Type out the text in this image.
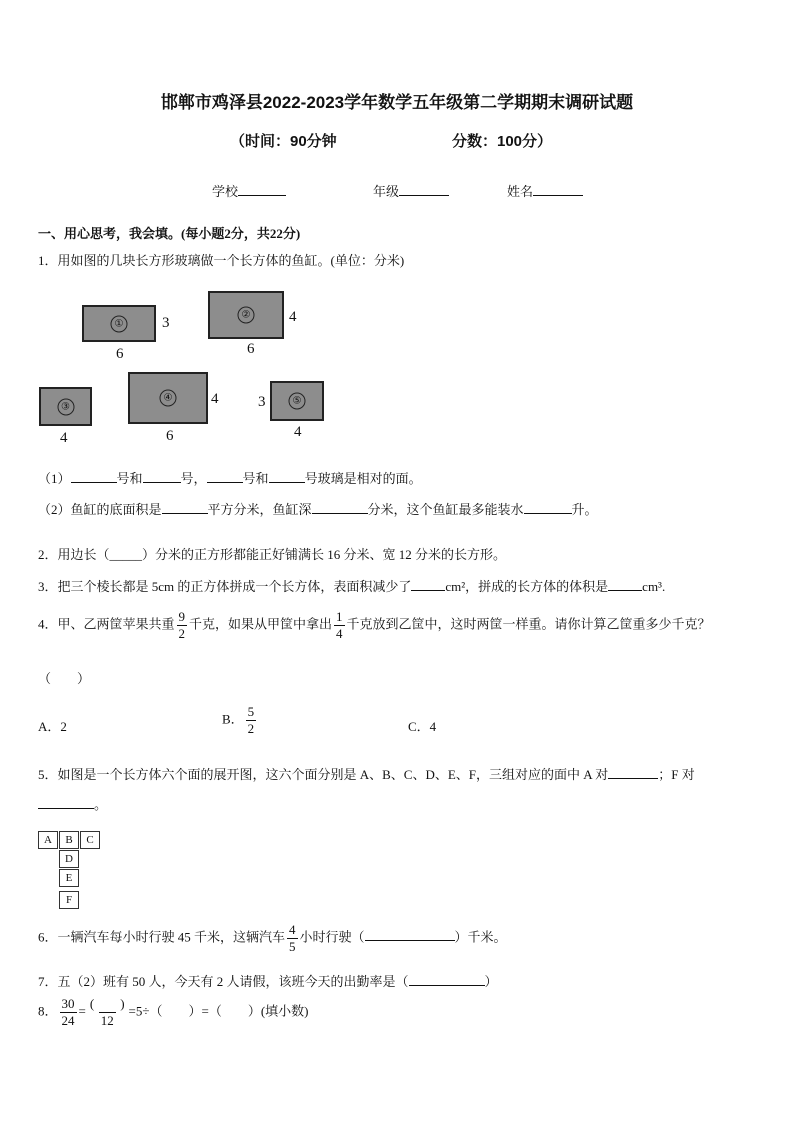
邯郸市鸡泽县2022-2023学年数学五年级第二学期期末调研试题
（时间：90分钟	分数：100分）
学校	年级	姓名
一、用心思考，我会填。(每小题2分，共22分)
1．用如图的几块长方形玻璃做一个长方体的鱼缸。(单位：分米)
①	3
6
②	4
6
③
4
④	4
6
⑤
3
4
（1）	号和	号，	号和	号玻璃是相对的面。
（2）鱼缸的底面积是	平方分米，鱼缸深	分米，这个鱼缸最多能装水	升。
2．用边长（_____）分米的正方形都能正好铺满长 16 分米、宽 12 分米的长方形。
3．把三个棱长都是 5cm 的正方体拼成一个长方体，表面积减少了	cm²，拼成的长方体的体积是	cm³.
4．甲、乙两筐苹果共重 $\frac{9}{2}$ 千克，如果从甲筐中拿出 $\frac{1}{4}$ 千克放到乙筐中，这时两筐一样重。请你计算乙筐重多少千克？
（　　）
A．2
B． $\frac{5}{2}$	C．4
5．如图是一个长方体六个面的展开图，这六个面分别是 A、B、C、D、E、F，三组对应的面中 A 对	；F 对
。
A	B	C
D
E
F
6．一辆汽车每小时行驶 45 千米，这辆汽车 $\frac{4}{5}$ 小时行驶（	）千米。
7．五（2）班有 50 人，今天有 2 人请假，该班今天的出勤率是（	）
8． $\frac{30}{24} = \frac{( )}{12} =5\div$（　　）=（　　）(填小数)
